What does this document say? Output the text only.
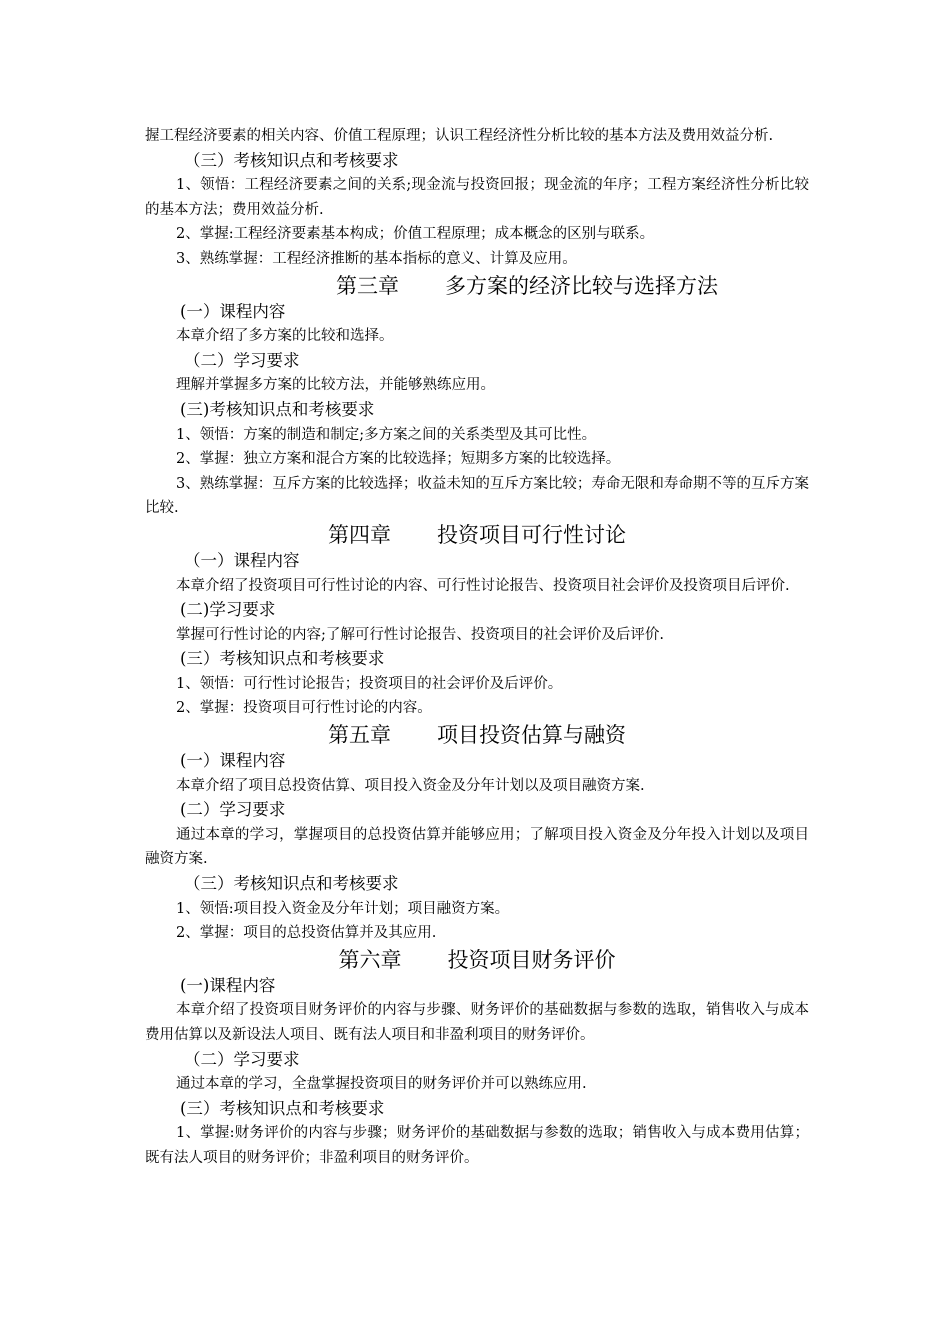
握工程经济要素的相关内容、价值工程原理；认识工程经济性分析比较的基本方法及费用效益分析.

（三）考核知识点和考核要求

1、领悟：工程经济要素之间的关系;现金流与投资回报；现金流的年序；工程方案经济性分析比较的基本方法；费用效益分析.

2、掌握:工程经济要素基本构成；价值工程原理；成本概念的区别与联系。

3、熟练掌握：工程经济推断的基本指标的意义、计算及应用。

第三章 多方案的经济比较与选择方法

(一）课程内容

本章介绍了多方案的比较和选择。

（二）学习要求

理解并掌握多方案的比较方法，并能够熟练应用。

(三)考核知识点和考核要求

1、领悟：方案的制造和制定;多方案之间的关系类型及其可比性。

2、掌握：独立方案和混合方案的比较选择；短期多方案的比较选择。

3、熟练掌握：互斥方案的比较选择；收益未知的互斥方案比较；寿命无限和寿命期不等的互斥方案比较.

第四章 投资项目可行性讨论

（一）课程内容

本章介绍了投资项目可行性讨论的内容、可行性讨论报告、投资项目社会评价及投资项目后评价.

(二)学习要求

掌握可行性讨论的内容;了解可行性讨论报告、投资项目的社会评价及后评价.

(三）考核知识点和考核要求

1、领悟：可行性讨论报告；投资项目的社会评价及后评价。

2、掌握：投资项目可行性讨论的内容。

第五章 项目投资估算与融资

(一）课程内容

本章介绍了项目总投资估算、项目投入资金及分年计划以及项目融资方案.

(二）学习要求

通过本章的学习，掌握项目的总投资估算并能够应用；了解项目投入资金及分年投入计划以及项目融资方案.

（三）考核知识点和考核要求

1、领悟:项目投入资金及分年计划；项目融资方案。

2、掌握：项目的总投资估算并及其应用.

第六章 投资项目财务评价

(一)课程内容

本章介绍了投资项目财务评价的内容与步骤、财务评价的基础数据与参数的选取，销售收入与成本费用估算以及新设法人项目、既有法人项目和非盈利项目的财务评价。

（二）学习要求

通过本章的学习，全盘掌握投资项目的财务评价并可以熟练应用.

(三）考核知识点和考核要求

1、掌握:财务评价的内容与步骤；财务评价的基础数据与参数的选取；销售收入与成本费用估算；既有法人项目的财务评价；非盈利项目的财务评价。
